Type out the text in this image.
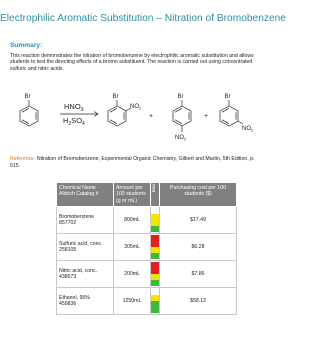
Electrophilic Aromatic Substitution – Nitration of Bromobenzene
Summary:
This reaction demonstrates the nitration of bromobenzene by electrophilic aromatic substitution and allows students to test the directing effects of a bromo substituent. The reaction is carried out using concentrated sulfuric and nitric acids.
Br
$HNO_3$
$H_2SO_4$
Br
$NO_2$
+
Br
$NO_2$
+
Br
$NO_2$
Reference: Nitration of Bromobenzene, Experimental Organic Chemistry, Gilbert and Martin, 5th Edition, p. 515
Chemical Name
Aldrich Catalog #	Amount per 100 students (g or mL)	EHS	Purchasing cost per 100 students ($)

Bromobenzene
857702	800mL		$17.49

Sulfuric acid, conc.
258105	305mL		$6.28

Nitric acid, conc.
438073	200mL		$7.86

Ethanol, 95%
459836	1250mL		$58.13
